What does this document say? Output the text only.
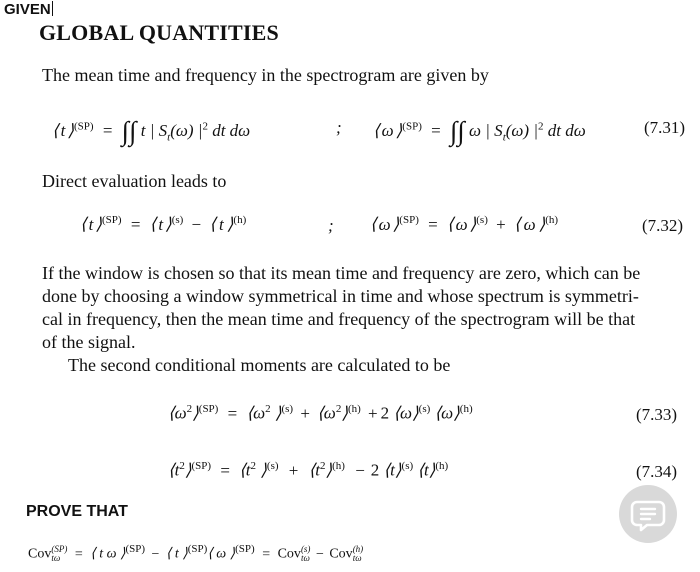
GIVEN
GLOBAL QUANTITIES
The mean time and frequency in the spectrogram are given by
⟨ t ⟩$^{(SP)}$ = ∫∫ t | $S_t(\omega)$ $|^2$ dt dω	; ⟨ ω ⟩$^{(SP)}$ = ∫∫ ω | $S_t(\omega)$ $|^2$ dt dω	(7.31)
Direct evaluation leads to
⟨ t ⟩$^{(SP)}$ = ⟨ t ⟩$^{(s)}$ − ⟨ t ⟩$^{(h)}$	; ⟨ ω ⟩$^{(SP)}$ = ⟨ ω ⟩$^{(s)}$ + ⟨ ω ⟩$^{(h)}$	(7.32)
If the window is chosen so that its mean time and frequency are zero, which can be
done by choosing a window symmetrical in time and whose spectrum is symmetri-
cal in frequency, then the mean time and frequency of the spectrogram will be that
of the signal.
The second conditional moments are calculated to be
$⟨\omega^2⟩^{(SP)}$ = $⟨\omega^2$ ⟩$^{(s)}$ + $⟨\omega^2⟩^{(h)} + 2$ ⟨ω⟩$^{(s)}$ ⟨ω⟩$^{(h)}$	(7.33)
$⟨t^2⟩^{(SP)}$ = $⟨t^2$ ⟩$^{(s)}$ + $⟨t^2⟩^{(h)} - 2$ ⟨t⟩$^{(s)}$ ⟨t⟩$^{(h)}$	(7.34)
PROVE THAT
Cov(SP)
tω = ⟨ t ω ⟩$^{(SP)}$ − ⟨ t ⟩$^{(SP)}$⟨ ω ⟩$^{(SP)}$ = Cov(s)
tω − Cov(h)
tω
